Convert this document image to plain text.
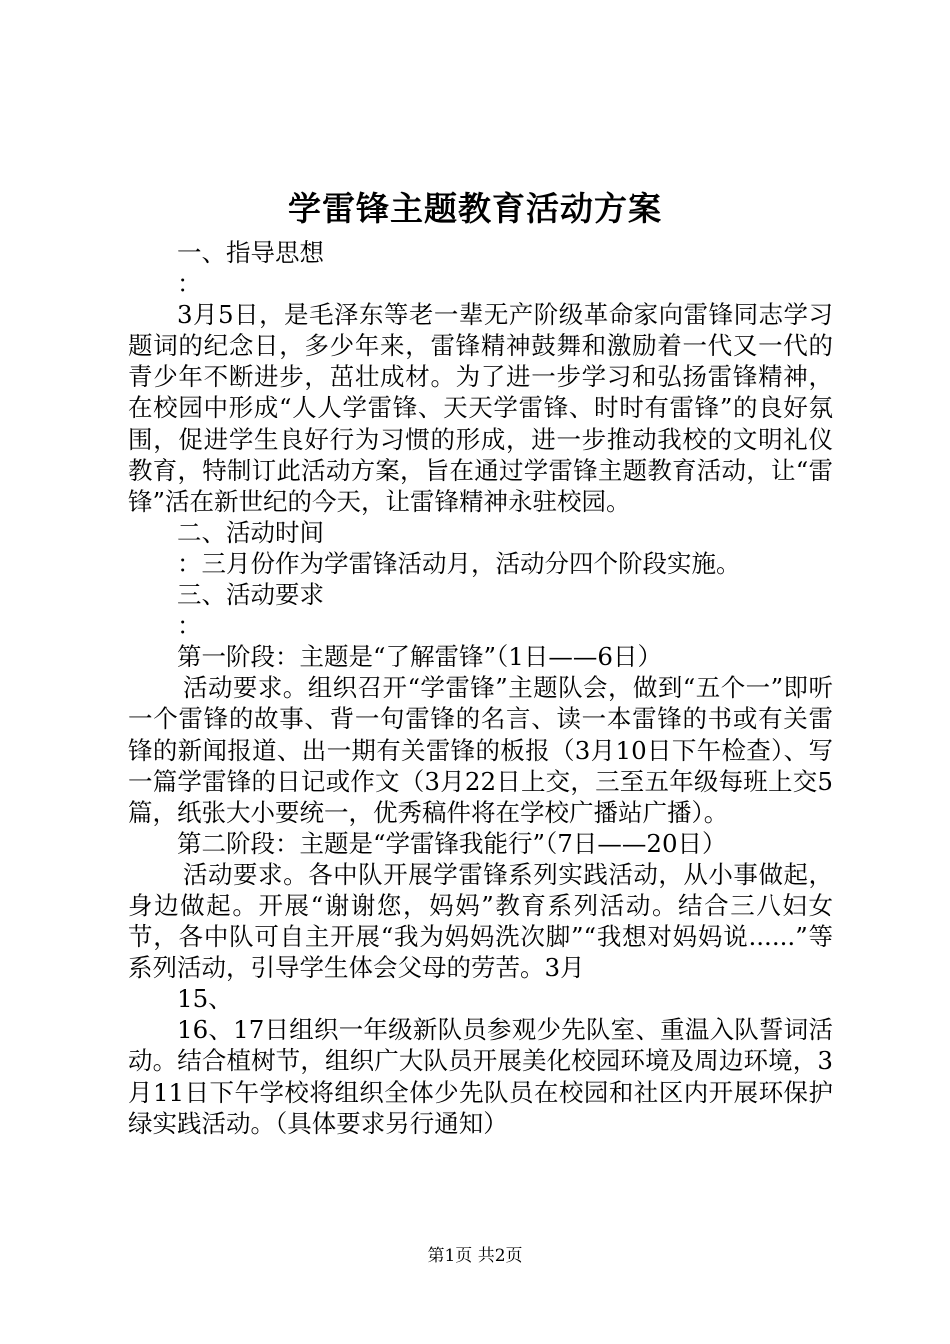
学雷锋主题教育活动方案

一、指导思想

：

3月5日，是毛泽东等老一辈无产阶级革命家向雷锋同志学习题词的纪念日，多少年来，雷锋精神鼓舞和激励着一代又一代的青少年不断进步，茁壮成材。为了进一步学习和弘扬雷锋精神，在校园中形成“人人学雷锋、天天学雷锋、时时有雷锋”的良好氛围，促进学生良好行为习惯的形成，进一步推动我校的文明礼仪教育，特制订此活动方案，旨在通过学雷锋主题教育活动，让“雷锋”活在新世纪的今天，让雷锋精神永驻校园。

二、活动时间

：三月份作为学雷锋活动月，活动分四个阶段实施。

三、活动要求

：

第一阶段：主题是“了解雷锋”（1日——6日）

活动要求。组织召开“学雷锋”主题队会，做到“五个一”即听一个雷锋的故事、背一句雷锋的名言、读一本雷锋的书或有关雷锋的新闻报道、出一期有关雷锋的板报（3月10日下午检查）、写一篇学雷锋的日记或作文（3月22日上交，三至五年级每班上交5篇，纸张大小要统一，优秀稿件将在学校广播站广播）。

第二阶段：主题是“学雷锋我能行”（7日——20日）

活动要求。各中队开展学雷锋系列实践活动，从小事做起，身边做起。开展“谢谢您，妈妈”教育系列活动。结合三八妇女节，各中队可自主开展“我为妈妈洗次脚”“我想对妈妈说......”等系列活动，引导学生体会父母的劳苦。3月

15、

16、17日组织一年级新队员参观少先队室、重温入队誓词活动。结合植树节，组织广大队员开展美化校园环境及周边环境，3月11日下午学校将组织全体少先队员在校园和社区内开展环保护绿实践活动。（具体要求另行通知）

第1页 共2页
